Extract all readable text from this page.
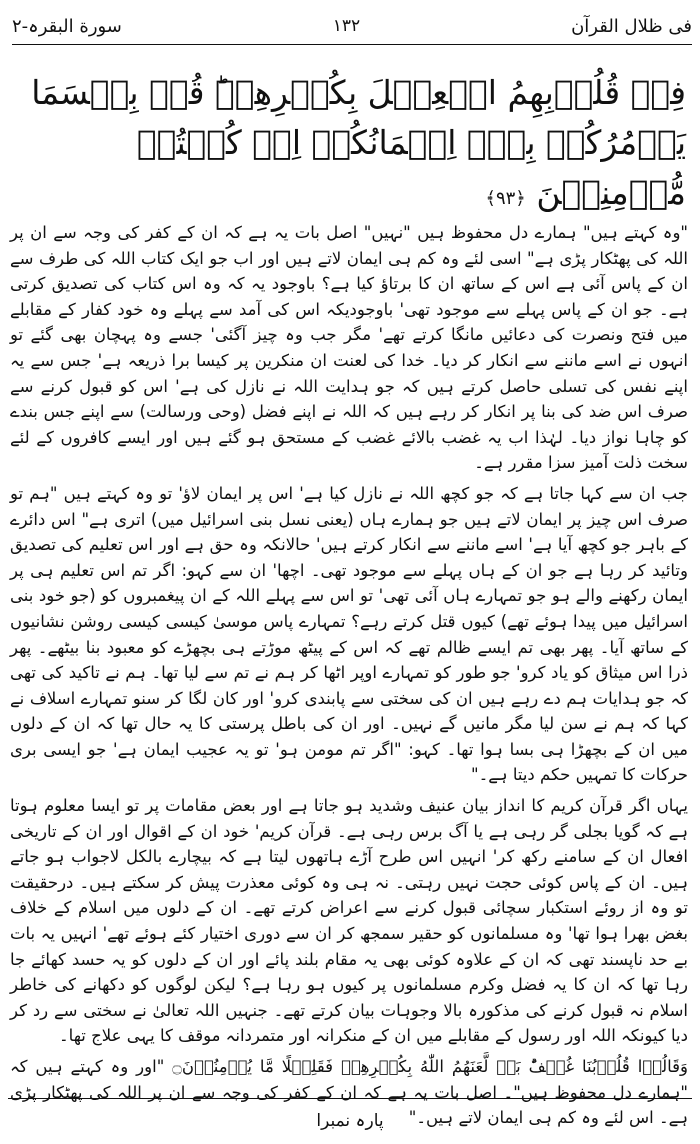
سورة البقرہ-۲	۱۳۲	فی ظلال القرآن
فِىۡ قُلُوۡبِهِمُ الۡعِجۡلَ بِكُفۡرِهِمۡ‌ؕ قُلۡ بِئۡسَمَا يَاۡمُرُكُمۡ بِهٖۤ اِيۡمَانُكُمۡ اِنۡ كُنۡتُمۡ مُّؤۡمِنِيۡنَ ﴿۹۳﴾

"وہ کہتے ہیں" ہمارے دل محفوظ ہیں "نہیں" اصل بات یہ ہے کہ ان کے کفر کی وجہ سے ان پر اللہ کی پھٹکار پڑی ہے" اسی لئے وہ کم ہی ایمان لاتے ہیں اور اب جو ایک کتاب اللہ کی طرف سے ان کے پاس آئی ہے اس کے ساتھ ان کا برتاؤ کیا ہے؟ باوجود یہ کہ وہ اس کتاب کی تصدیق کرتی ہے۔ جو ان کے پاس پہلے سے موجود تھی' باوجودیکہ اس کی آمد سے پہلے وہ خود کفار کے مقابلے میں فتح ونصرت کی دعائیں مانگا کرتے تھے' مگر جب وہ چیز آگئی' جسے وہ پہچان بھی گئے تو انہوں نے اسے ماننے سے انکار کر دیا۔ خدا کی لعنت ان منکرین پر کیسا برا ذریعہ ہے' جس سے یہ اپنے نفس کی تسلی حاصل کرتے ہیں کہ جو ہدایت اللہ نے نازل کی ہے' اس کو قبول کرنے سے صرف اس ضد کی بنا پر انکار کر رہے ہیں کہ اللہ نے اپنے فضل (وحی ورسالت) سے اپنے جس بندے کو چاہا نواز دیا۔ لہٰذا اب یہ غضب بالائے غضب کے مستحق ہو گئے ہیں اور ایسے کافروں کے لئے سخت ذلت آمیز سزا مقرر ہے۔

جب ان سے کہا جاتا ہے کہ جو کچھ اللہ نے نازل کیا ہے' اس پر ایمان لاؤ' تو وہ کہتے ہیں "ہم تو صرف اس چیز پر ایمان لاتے ہیں جو ہمارے ہاں (یعنی نسل بنی اسرائیل میں) اتری ہے" اس دائرے کے باہر جو کچھ آیا ہے' اسے ماننے سے انکار کرتے ہیں' حالانکہ وہ حق ہے اور اس تعلیم کی تصدیق وتائید کر رہا ہے جو ان کے ہاں پہلے سے موجود تھی۔ اچھا' ان سے کہو: اگر تم اس تعلیم ہی پر ایمان رکھنے والے ہو جو تمہارے ہاں آئی تھی' تو اس سے پہلے اللہ کے ان پیغمبروں کو (جو خود بنی اسرائیل میں پیدا ہوئے تھے) کیوں قتل کرتے رہے؟ تمہارے پاس موسیٰ کیسی کیسی روشن نشانیوں کے ساتھ آیا۔ پھر بھی تم ایسے ظالم تھے کہ اس کے پیٹھ موڑتے ہی بچھڑے کو معبود بنا بیٹھے۔ پھر ذرا اس میثاق کو یاد کرو' جو طور کو تمہارے اوپر اٹھا کر ہم نے تم سے لیا تھا۔ ہم نے تاکید کی تھی کہ جو ہدایات ہم دے رہے ہیں ان کی سختی سے پابندی کرو' اور کان لگا کر سنو تمہارے اسلاف نے کہا کہ ہم نے سن لیا مگر مانیں گے نہیں۔ اور ان کی باطل پرستی کا یہ حال تھا کہ ان کے دلوں میں ان کے بچھڑا ہی بسا ہوا تھا۔ کہو: "اگر تم مومن ہو' تو یہ عجیب ایمان ہے' جو ایسی بری حرکات کا تمہیں حکم دیتا ہے۔"

یہاں اگر قرآن کریم کا انداز بیان عنیف وشدید ہو جاتا ہے اور بعض مقامات پر تو ایسا معلوم ہوتا ہے کہ گویا بجلی گر رہی ہے یا آگ برس رہی ہے۔ قرآن کریم' خود ان کے اقوال اور ان کے تاریخی افعال ان کے سامنے رکھ کر' انہیں اس طرح آڑے ہاتھوں لیتا ہے کہ بیچارے بالکل لاجواب ہو جاتے ہیں۔ ان کے پاس کوئی حجت نہیں رہتی۔ نہ ہی وہ کوئی معذرت پیش کر سکتے ہیں۔ درحقیقت تو وہ از روئے استکبار سچائی قبول کرنے سے اعراض کرتے تھے۔ ان کے دلوں میں اسلام کے خلاف بغض بھرا ہوا تھا' وہ مسلمانوں کو حقیر سمجھ کر ان سے دوری اختیار کئے ہوئے تھے' انہیں یہ بات بے حد ناپسند تھی کہ ان کے علاوہ کوئی بھی یہ مقام بلند پائے اور ان کے دلوں کو یہ حسد کھائے جا رہا تھا کہ ان کا یہ فضل وکرم مسلمانوں پر کیوں ہو رہا ہے؟ لیکن لوگوں کو دکھانے کی خاطر اسلام نہ قبول کرنے کی مذکورہ بالا وجوہات بیان کرتے تھے۔ جنہیں اللہ تعالیٰ نے سختی سے رد کر دیا کیونکہ اللہ اور رسول کے مقابلے میں ان کے منکرانہ اور متمردانہ موقف کا یہی علاج تھا۔

وَقَالُوۡا قُلُوۡبُنَا غُلۡفٌ‌ؕ بَلۡ لَّعَنَهُمُ اللّٰهُ بِکُفۡرِهِمۡ فَقَلِيۡلًا مَّا يُؤۡمِنُوۡنَ۝ "اور وہ کہتے ہیں کہ "ہمارے دل محفوظ ہیں"۔ اصل بات یہ ہے کہ ان کے کفر کی وجہ سے ان پر اللہ کی پھٹکار پڑی ہے۔ اس لئے وہ کم ہی ایمان لاتے ہیں۔"

پارہ نمبرا
